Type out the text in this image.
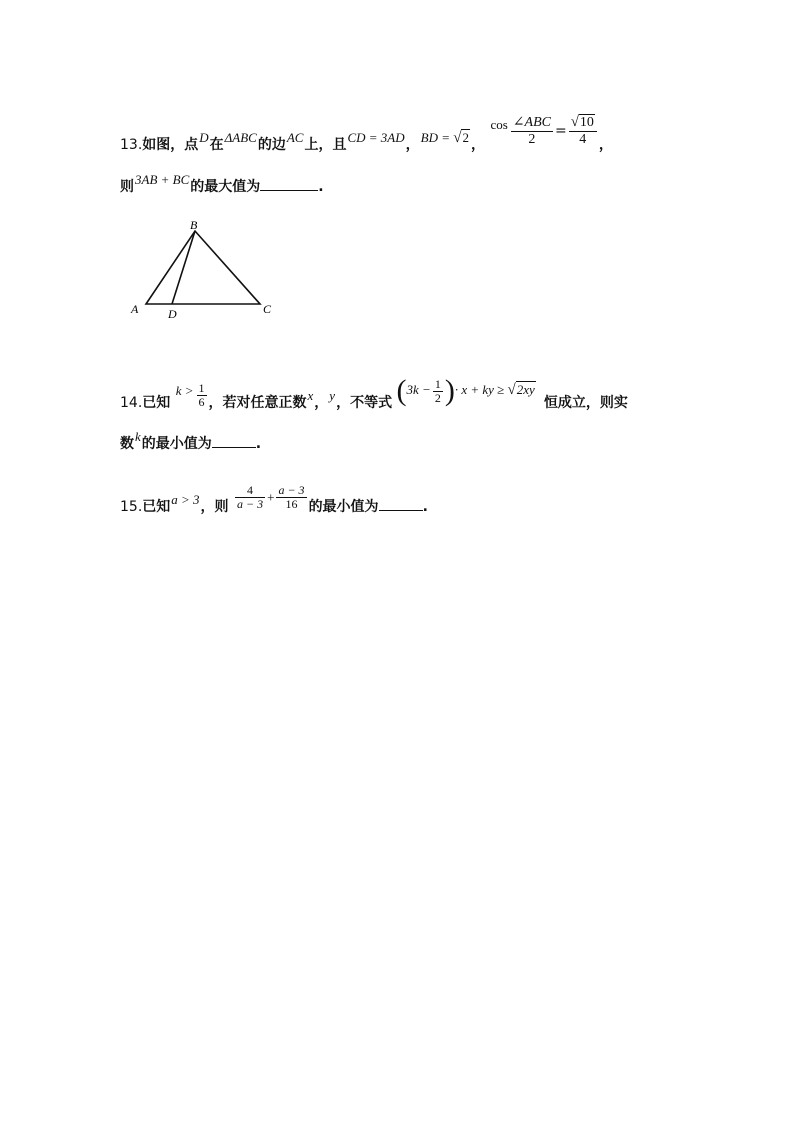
13.如图，点D在ΔABC的边AC上，且CD = 3AD，BD = √2 ， $\cos \frac{\text{∠ABC}}{2} = \frac{√10}{4}$ ，
则3AB + BC的最大值为	.
B
A D	C
14.已知 $k > \frac{1}{6}$ ，若对任意正数x，y，不等式 ($3k - \frac{1}{2}$ )· x + ky ≥ √2xy恒成立，则实
数k的最小值为	.
15.已知a > 3，则 $\frac{4}{a - 3} + \frac{a - 3}{16}$ 的最小值为	.
